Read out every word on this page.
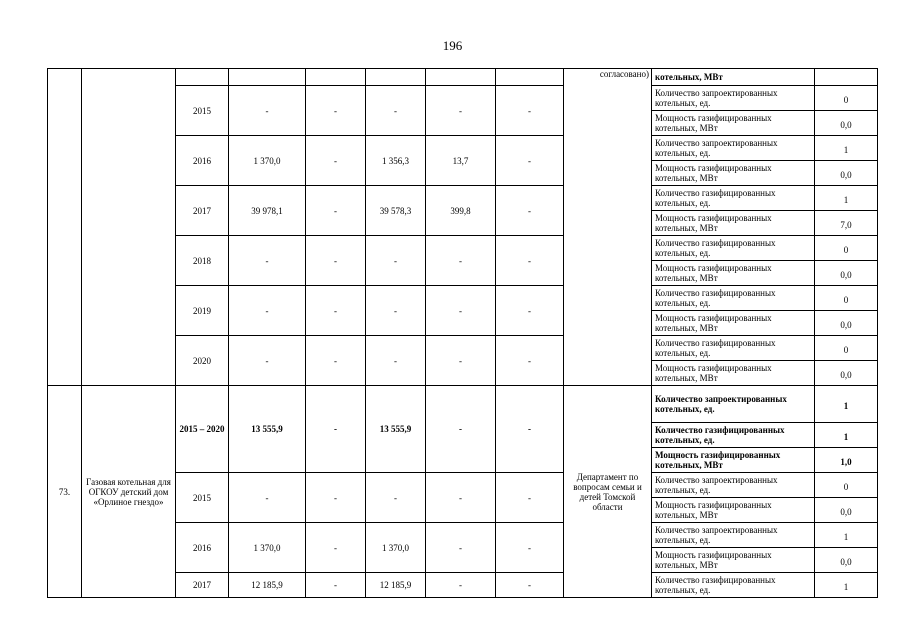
196
								согласовано)	котельных, МВт	
		2015	-	-	-	-	-		Количество запроектированных котельных, ед.	0
									Мощность газифицированных котельных, МВт	0,0
		2016	1 370,0	-	1 356,3	13,7	-		Количество запроектированных котельных, ед.	1
									Мощность газифицированных котельных, МВт	0,0
		2017	39 978,1	-	39 578,3	399,8	-		Количество газифицированных котельных, ед.	1
									Мощность газифицированных котельных, МВт	7,0
		2018	-	-	-	-	-		Количество газифицированных котельных, ед.	0
									Мощность газифицированных котельных, МВт	0,0
		2019	-	-	-	-	-		Количество газифицированных котельных, ед.	0
									Мощность газифицированных котельных, МВт	0,0
		2020	-	-	-	-	-		Количество газифицированных котельных, ед.	0
									Мощность газифицированных котельных, МВт	0,0
73.	Газовая котельная для ОГКОУ детский дом «Орлиное гнездо»	2015 – 2020	13 555,9	-	13 555,9	-	-	Департамент по вопросам семьи и детей Томской области	Количество запроектированных котельных, ед.	1
									Количество газифицированных котельных, ед.	1
									Мощность газифицированных котельных, МВт	1,0
		2015	-	-	-	-	-		Количество запроектированных котельных, ед.	0
									Мощность газифицированных котельных, МВт	0,0
		2016	1 370,0	-	1 370,0	-	-		Количество запроектированных котельных, ед.	1
									Мощность газифицированных котельных, МВт	0,0
		2017	12 185,9	-	12 185,9	-	-		Количество газифицированных котельных, ед.	1
